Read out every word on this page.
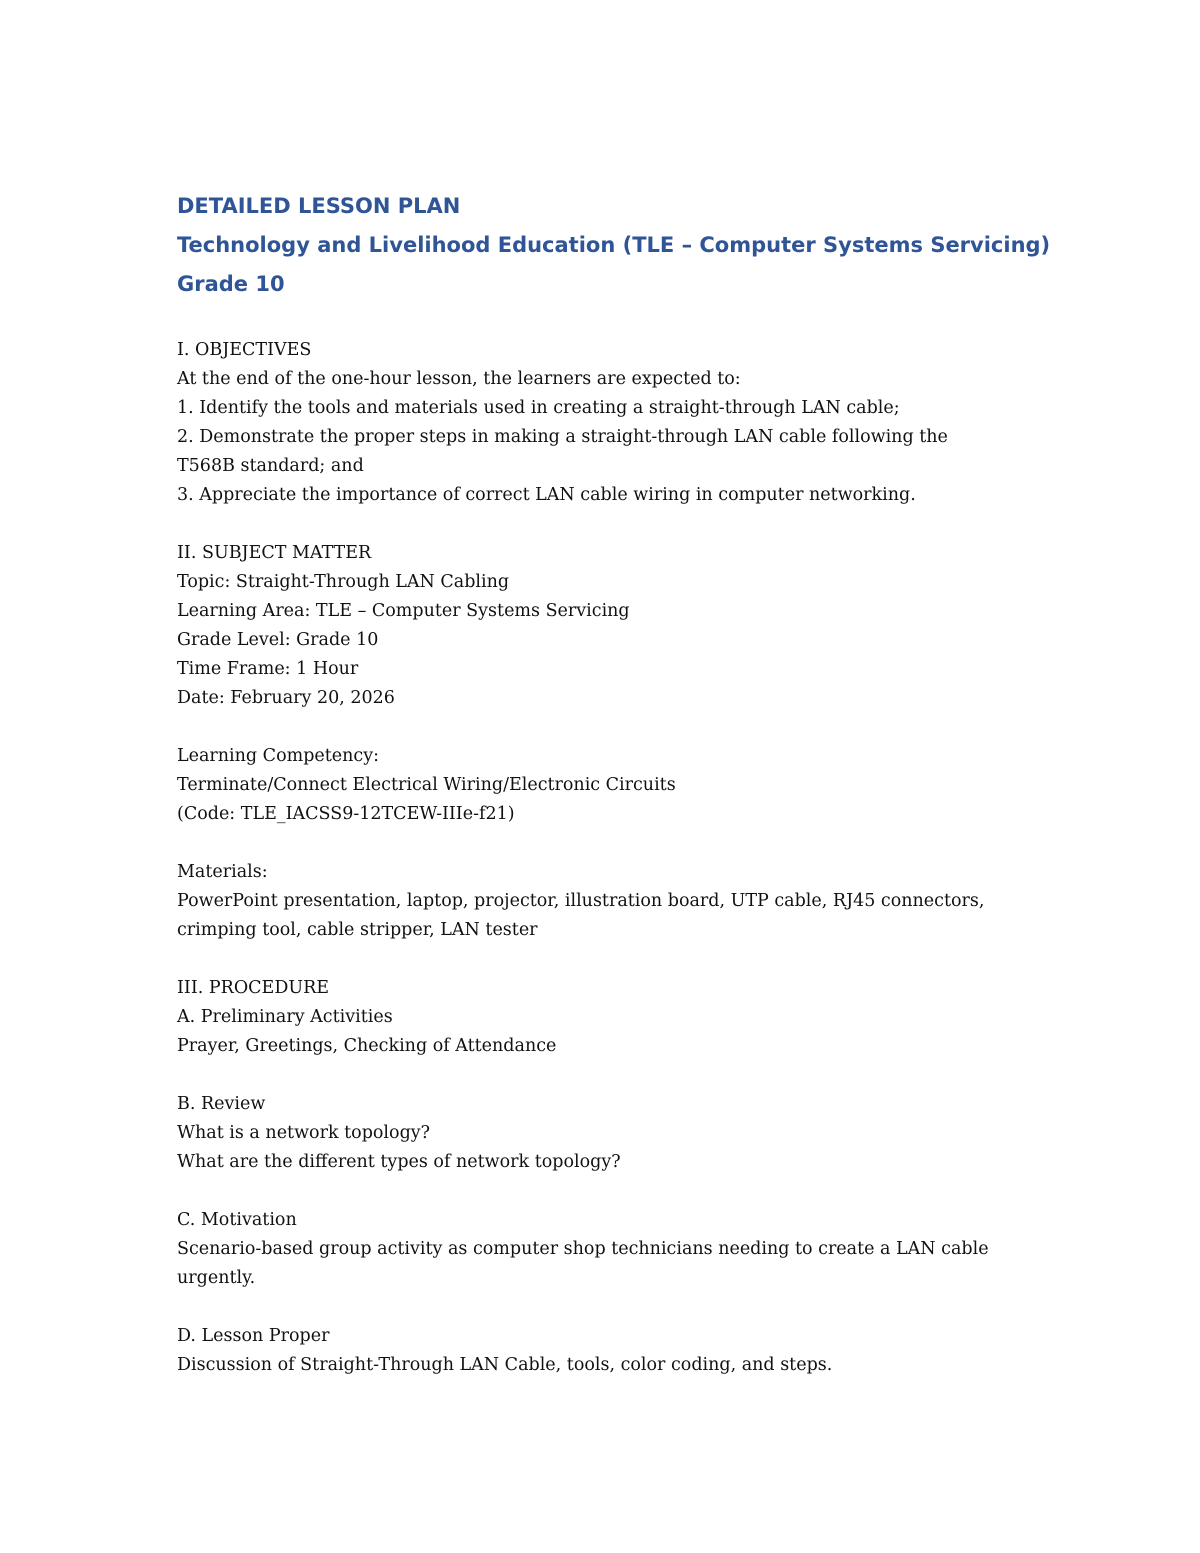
DETAILED LESSON PLAN
Technology and Livelihood Education (TLE – Computer Systems Servicing)
Grade 10
I. OBJECTIVES
At the end of the one-hour lesson, the learners are expected to:
1. Identify the tools and materials used in creating a straight-through LAN cable;
2. Demonstrate the proper steps in making a straight-through LAN cable following the
T568B standard; and
3. Appreciate the importance of correct LAN cable wiring in computer networking.
II. SUBJECT MATTER
Topic: Straight-Through LAN Cabling
Learning Area: TLE – Computer Systems Servicing
Grade Level: Grade 10
Time Frame: 1 Hour
Date: February 20, 2026
Learning Competency:
Terminate/Connect Electrical Wiring/Electronic Circuits
(Code: TLE_IACSS9-12TCEW-IIIe-f21)
Materials:
PowerPoint presentation, laptop, projector, illustration board, UTP cable, RJ45 connectors,
crimping tool, cable stripper, LAN tester
III. PROCEDURE
A. Preliminary Activities
Prayer, Greetings, Checking of Attendance
B. Review
What is a network topology?
What are the different types of network topology?
C. Motivation
Scenario-based group activity as computer shop technicians needing to create a LAN cable
urgently.
D. Lesson Proper
Discussion of Straight-Through LAN Cable, tools, color coding, and steps.
